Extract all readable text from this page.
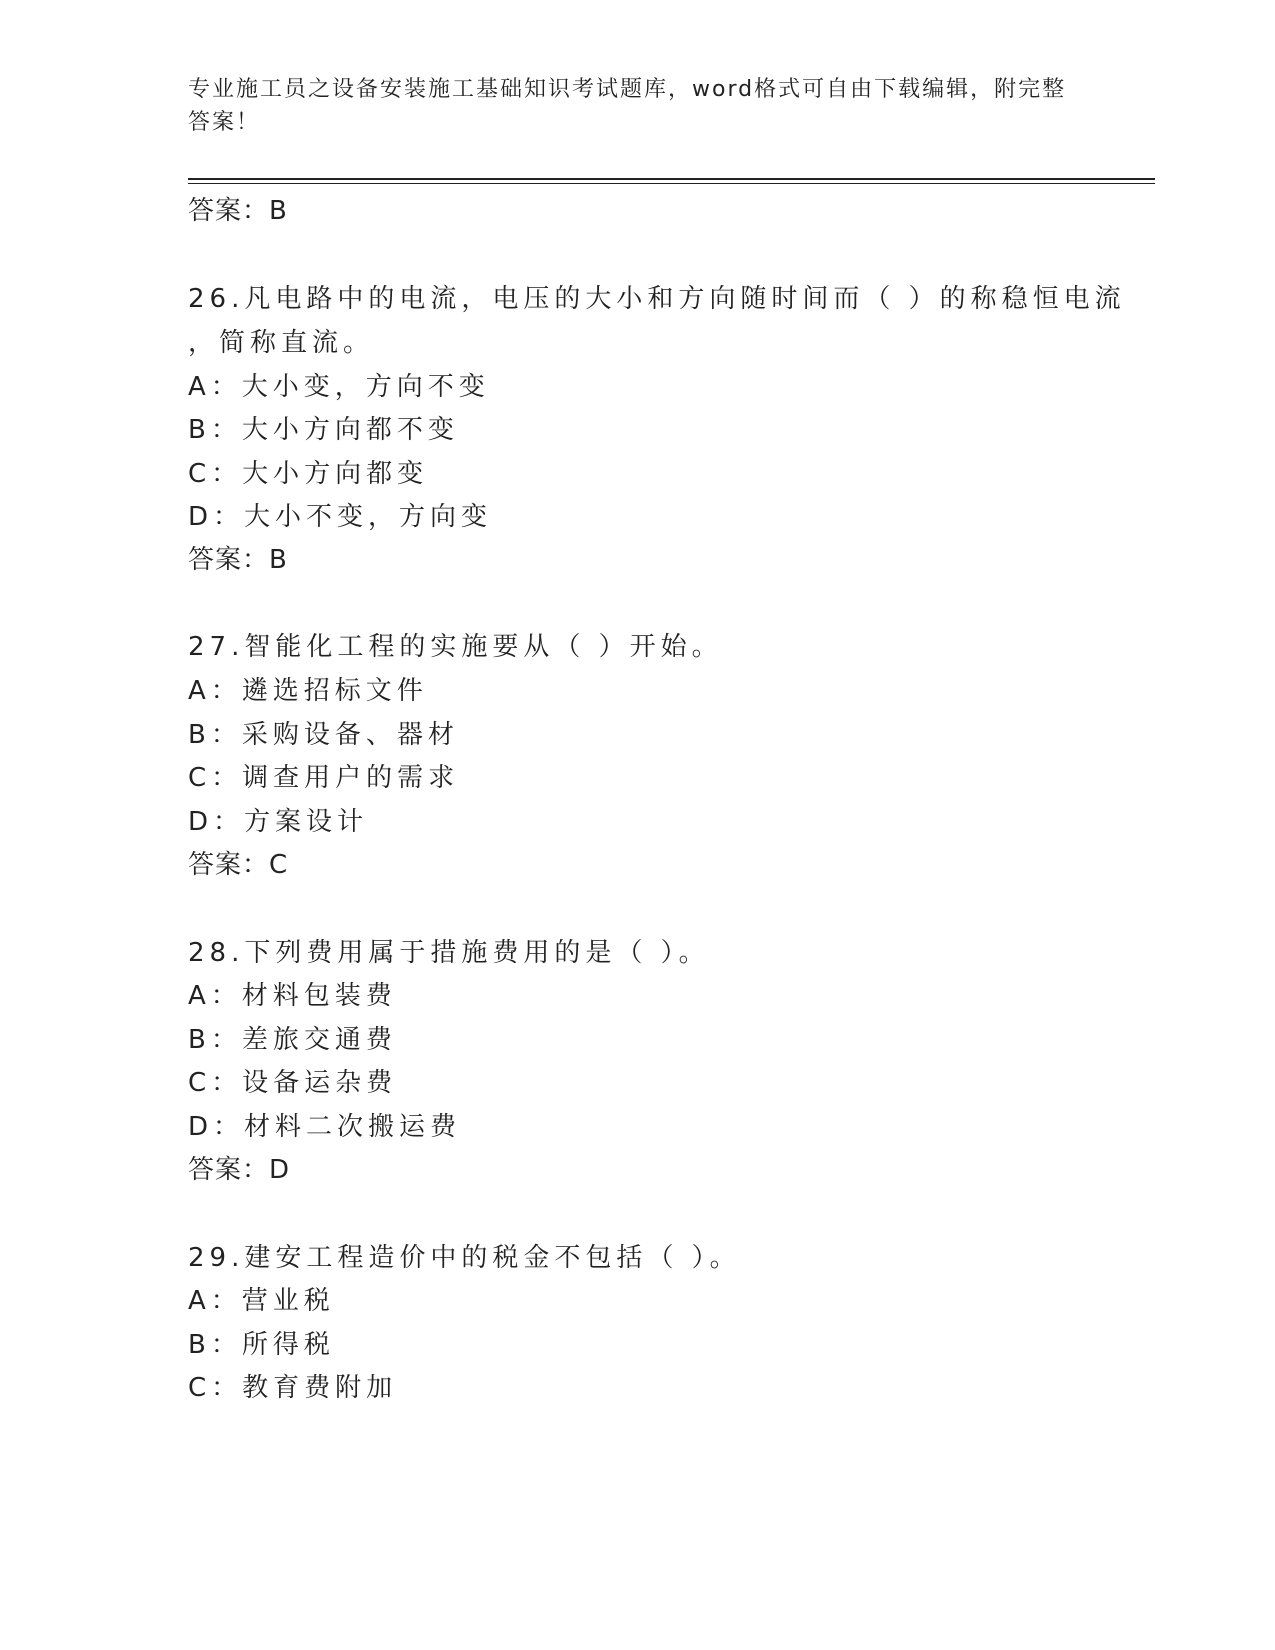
专业施工员之设备安装施工基础知识考试题库，word格式可自由下载编辑，附完整答案！
答案：B
26.凡电路中的电流，电压的大小和方向随时间而（ ）的称稳恒电流
，简称直流。
A：大小变，方向不变
B：大小方向都不变
C：大小方向都变
D：大小不变，方向变
答案：B
27.智能化工程的实施要从（ ）开始。
A：遴选招标文件
B：采购设备、器材
C：调查用户的需求
D：方案设计
答案：C
28.下列费用属于措施费用的是（ ）。
A：材料包装费
B：差旅交通费
C：设备运杂费
D：材料二次搬运费
答案：D
29.建安工程造价中的税金不包括（ ）。
A：营业税
B：所得税
C：教育费附加
